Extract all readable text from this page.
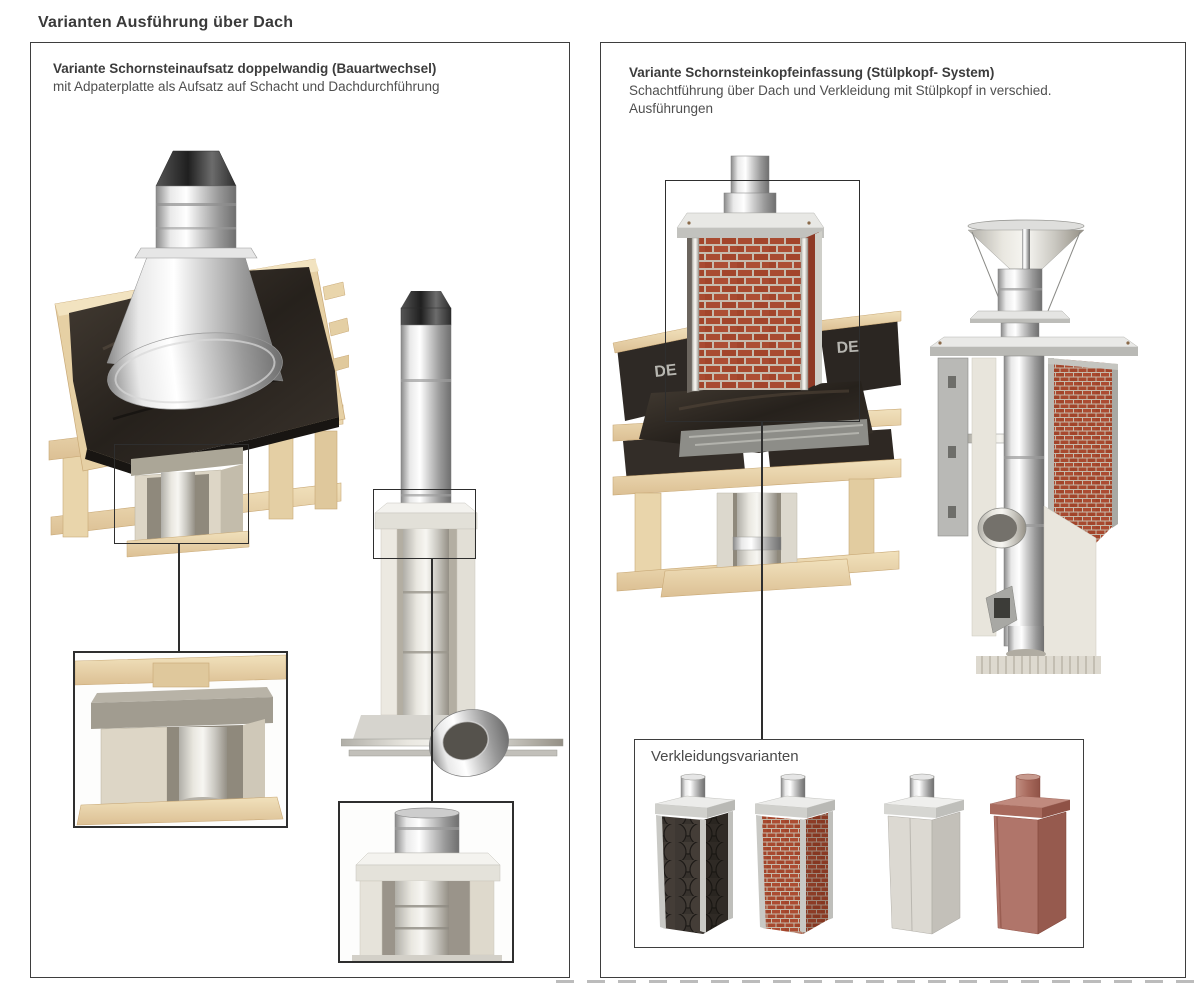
Varianten Ausführung über Dach
Variante Schornsteinaufsatz doppelwandig (Bauartwechsel)
mit Adpaterplatte als Aufsatz auf Schacht und Dachdurchführung
Variante Schornsteinkopfeinfassung (Stülpkopf- System)
Schachtführung über Dach und Verkleidung mit Stülpkopf in verschied.
Ausführungen
DE
DE
Verkleidungsvarianten
